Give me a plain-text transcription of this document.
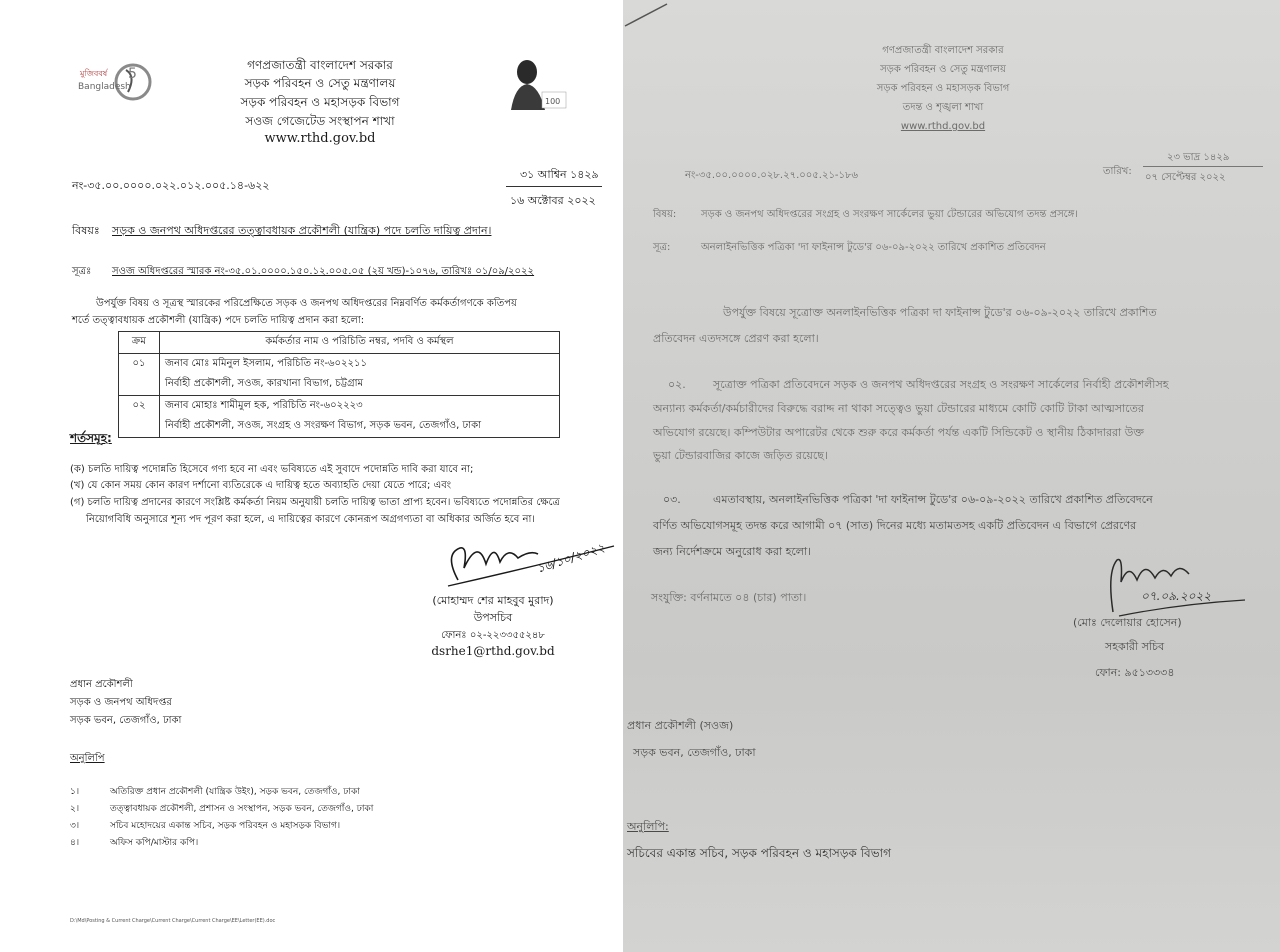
5
মুজিববর্ষ
Bangladesh
100
গণপ্রজাতন্ত্রী বাংলাদেশ সরকার
সড়ক পরিবহন ও সেতু মন্ত্রণালয়
সড়ক পরিবহন ও মহাসড়ক বিভাগ
সওজ গেজেটেড সংস্থাপন শাখা
www.rthd.gov.bd
নং-৩৫.০০.০০০০.০২২.০১২.০০৫.১৪-৬২২
৩১ আশ্বিন ১৪২৯
১৬ অক্টোবর ২০২২
বিষয়ঃ সড়ক ও জনপথ অধিদপ্তরের তত্ত্বাবধায়ক প্রকৌশলী (যান্ত্রিক) পদে চলতি দায়িত্ব প্রদান।
সূত্রঃ সওজ অধিদপ্তরের স্মারক নং-৩৫.০১.০০০০.১৫০.১২.০০৫.০৫ (২য় খন্ড)-১০৭৬, তারিখঃ ০১/০৯/২০২২
উপর্যুক্ত বিষয় ও সূত্রস্থ স্মারকের পরিপ্রেক্ষিতে সড়ক ও জনপথ অধিদপ্তরের নিম্নবর্ণিত কর্মকর্তাগণকে কতিপয়
শর্তে তত্ত্বাবধায়ক প্রকৌশলী (যান্ত্রিক) পদে চলতি দায়িত্ব প্রদান করা হলো:
ক্রম	কর্মকর্তার নাম ও পরিচিতি নম্বর, পদবি ও কর্মস্থল
০১	জনাব মোঃ মমিনুল ইসলাম, পরিচিতি নং-৬০২২১১
নির্বাহী প্রকৌশলী, সওজ, কারখানা বিভাগ, চট্টগ্রাম

০২	জনাব মোহাঃ শামীমুল হক, পরিচিতি নং-৬০২২২৩
নির্বাহী প্রকৌশলী, সওজ, সংগ্রহ ও সংরক্ষণ বিভাগ, সড়ক ভবন, তেজগাঁও, ঢাকা
শর্তসমূহ:
(ক) চলতি দায়িত্ব পদোন্নতি হিসেবে গণ্য হবে না এবং ভবিষ্যতে এই সুবাদে পদোন্নতি দাবি করা যাবে না;
(খ) যে কোন সময় কোন কারণ দর্শানো ব্যতিরেকে এ দায়িত্ব হতে অব্যাহতি দেয়া যেতে পারে; এবং
(গ) চলতি দায়িত্ব প্রদানের কারণে সংশ্লিষ্ট কর্মকর্তা নিয়ম অনুযায়ী চলতি দায়িত্ব ভাতা প্রাপ্য হবেন। ভবিষ্যতে পদোন্নতির ক্ষেত্রে
নিয়োগবিধি অনুসারে শূন্য পদ পূরণ করা হলে, এ দায়িত্বের কারণে কোনরূপ অগ্রগণ্যতা বা অধিকার অর্জিত হবে না।
১৬/১০/২০২২
(মোহাম্মদ শের মাহবুব মুরাদ)
উপসচিব
ফোনঃ ০২-২২৩৩৫৫২৪৮
dsrhe1@rthd.gov.bd
প্রধান প্রকৌশলী
সড়ক ও জনপথ অধিদপ্তর
সড়ক ভবন, তেজগাঁও, ঢাকা
অনুলিপি
১।	অতিরিক্ত প্রধান প্রকৌশলী (যান্ত্রিক উইং), সড়ক ভবন, তেজগাঁও, ঢাকা
২।	তত্ত্বাবধায়ক প্রকৌশলী, প্রশাসন ও সংস্থাপন, সড়ক ভবন, তেজগাঁও, ঢাকা
৩।	সচিব মহোদয়ের একান্ত সচিব, সড়ক পরিবহন ও মহাসড়ক বিভাগ।
৪।	অফিস কপি/মাস্টার কপি।
D:\Md\Posting & Current Charge\Current Charge\Current Charge\EE\Letter(EE).doc
গণপ্রজাতন্ত্রী বাংলাদেশ সরকার
সড়ক পরিবহন ও সেতু মন্ত্রণালয়
সড়ক পরিবহন ও মহাসড়ক বিভাগ
তদন্ত ও শৃঙ্খলা শাখা
www.rthd.gov.bd
নং-৩৫.০০.০০০০.০২৮.২৭.০০৫.২১-১৮৬	তারিখ:
২৩ ভাদ্র ১৪২৯
০৭ সেপ্টেম্বর ২০২২
বিষয়: সড়ক ও জনপথ অধিদপ্তরের সংগ্রহ ও সংরক্ষণ সার্কেলের ভুয়া টেন্ডারের অভিযোগ তদন্ত প্রসঙ্গে।
সূত্র:	অনলাইনভিত্তিক পত্রিকা 'দা ফাইনান্স টুডে'র ০৬-০৯-২০২২ তারিখে প্রকাশিত প্রতিবেদন
উপর্যুক্ত বিষয়ে সূত্রোক্ত অনলাইনভিত্তিক পত্রিকা দা ফাইনান্স টুডে'র ০৬-০৯-২০২২ তারিখে প্রকাশিত
প্রতিবেদন এতদসঙ্গে প্রেরণ করা হলো।
০২. সূত্রোক্ত পত্রিকা প্রতিবেদনে সড়ক ও জনপথ অধিদপ্তরের সংগ্রহ ও সংরক্ষণ সার্কেলের নির্বাহী প্রকৌশলীসহ
অন্যান্য কর্মকর্তা/কর্মচারীদের বিরুদ্ধে বরাদ্দ না থাকা সত্ত্বেও ভুয়া টেন্ডারের মাধ্যমে কোটি কোটি টাকা আত্মসাতের
অভিযোগ রয়েছে। কম্পিউটার অপারেটর থেকে শুরু করে কর্মকর্তা পর্যন্ত একটি সিন্ডিকেট ও স্থানীয় ঠিকাদাররা উক্ত
ভুয়া টেন্ডারবাজির কাজে জড়িত রয়েছে।
০৩.	এমতাবস্থায়, অনলাইনভিত্তিক পত্রিকা 'দা ফাইনান্স টুডে'র ০৬-০৯-২০২২ তারিখে প্রকাশিত প্রতিবেদনে
বর্ণিত অভিযোগসমূহ তদন্ত করে আগামী ০৭ (সাত) দিনের মধ্যে মতামতসহ একটি প্রতিবেদন এ বিভাগে প্রেরণের
জন্য নির্দেশক্রমে অনুরোধ করা হলো।
সংযুক্তি: বর্ণনামতে ০৪ (চার) পাতা।	০৭.০৯.২০২২
(মোঃ দেলোয়ার হোসেন)
সহকারী সচিব
ফোন: ৯৫১৩৩৩৪
প্রধান প্রকৌশলী (সওজ)
সড়ক ভবন, তেজগাঁও, ঢাকা
অনুলিপি:
সচিবের একান্ত সচিব, সড়ক পরিবহন ও মহাসড়ক বিভাগ
